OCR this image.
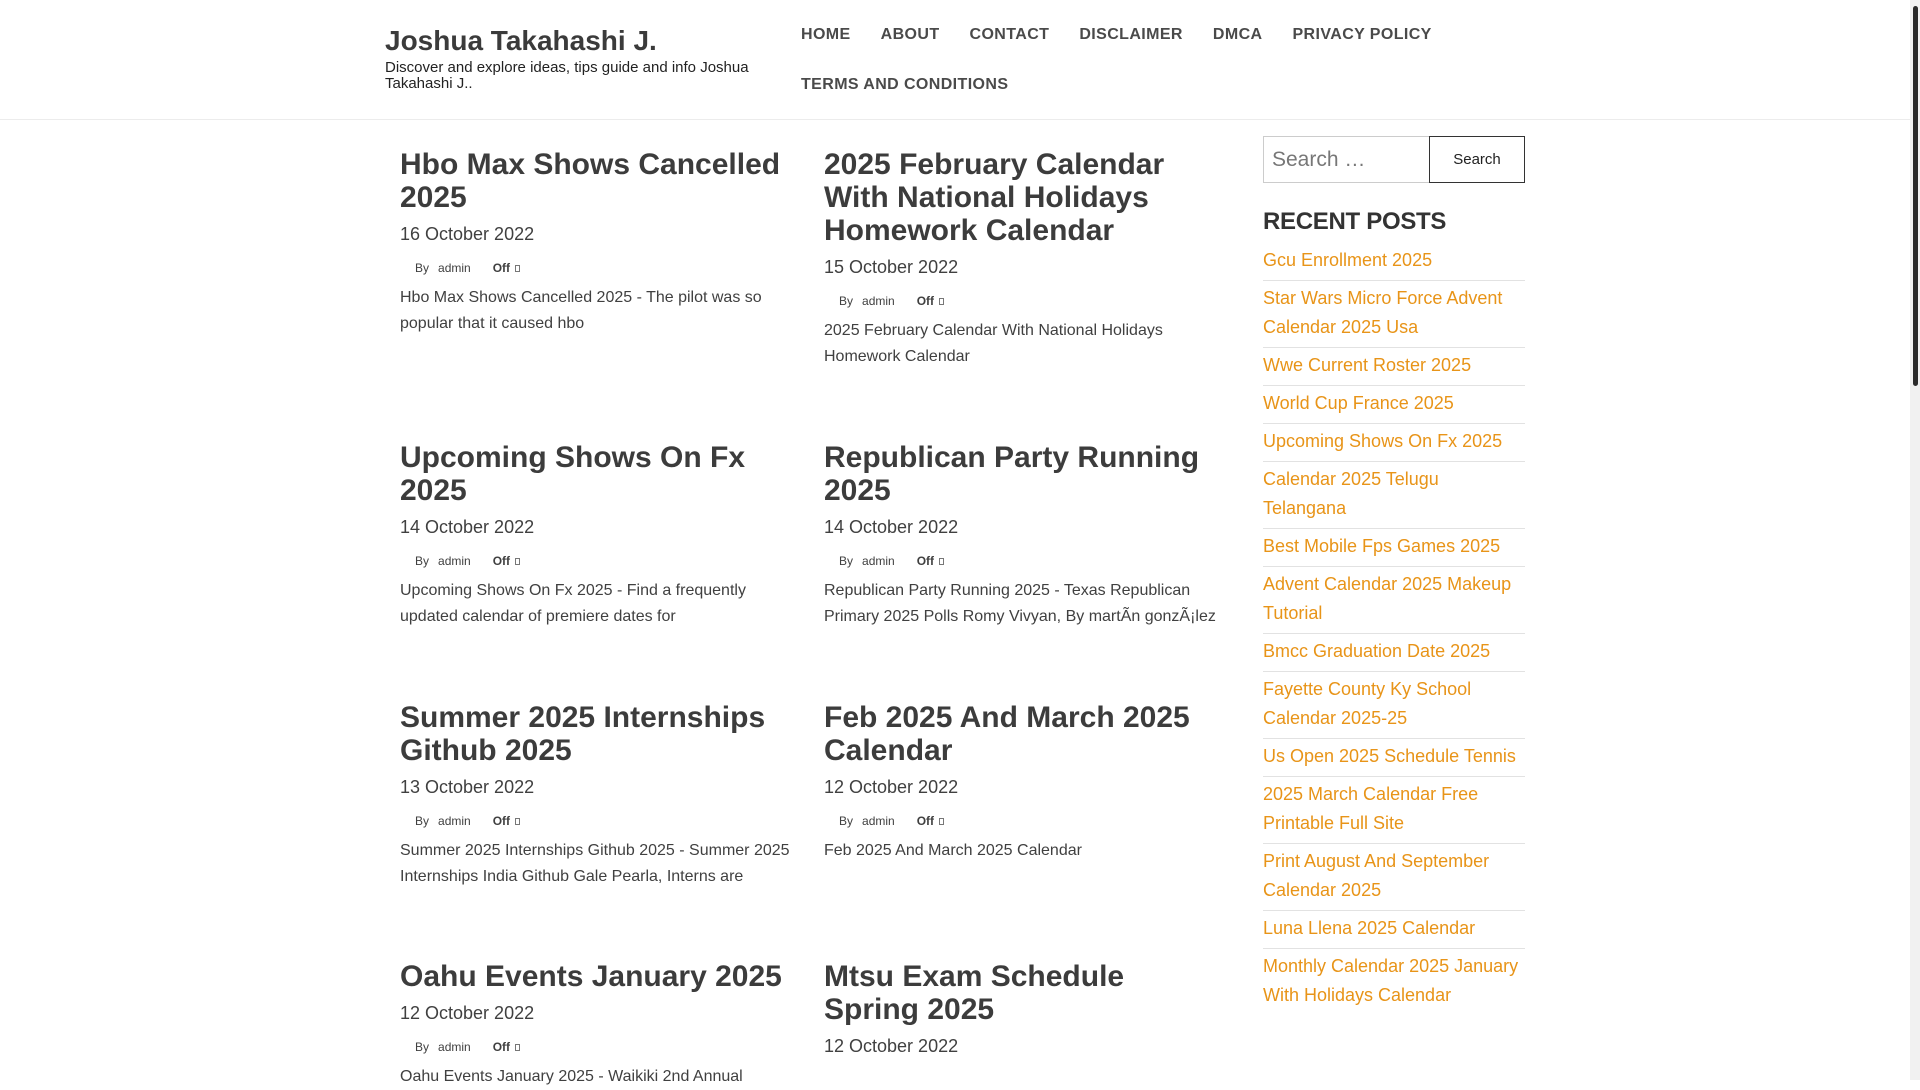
Joshua Takahashi J.
Discover and explore ideas, tips guide and info Joshua Takahashi J..
HOME	ABOUT	CONTACT	DISCLAIMER	DMCA	PRIVACY POLICY
TERMS AND CONDITIONS
Hbo Max Shows Cancelled 2025
16 October 2022
By admin Off
Hbo Max Shows Cancelled 2025 - The pilot was so popular that it caused hbo
2025 February Calendar With National Holidays Homework Calendar
15 October 2022
By admin Off
2025 February Calendar With National Holidays Homework Calendar
Upcoming Shows On Fx 2025
14 October 2022
By admin Off
Upcoming Shows On Fx 2025 - Find a frequently updated calendar of premiere dates for
Republican Party Running 2025
14 October 2022
By admin Off
Republican Party Running 2025 - Texas Republican Primary 2025 Polls Romy Vivyan, By martÃn gonzÃ¡lez
Summer 2025 Internships Github 2025
13 October 2022
By admin Off
Summer 2025 Internships Github 2025 - Summer 2025 Internships India Github Gale Pearla, Interns are
Feb 2025 And March 2025 Calendar
12 October 2022
By admin Off
Feb 2025 And March 2025 Calendar
Oahu Events January 2025
12 October 2022
By admin Off
Oahu Events January 2025 - Waikiki 2nd Annual
Mtsu Exam Schedule Spring 2025
12 October 2022
Search …
Search
RECENT POSTS
Gcu Enrollment 2025
Star Wars Micro Force Advent Calendar 2025 Usa
Wwe Current Roster 2025
World Cup France 2025
Upcoming Shows On Fx 2025
Calendar 2025 Telugu Telangana
Best Mobile Fps Games 2025
Advent Calendar 2025 Makeup Tutorial
Bmcc Graduation Date 2025
Fayette County Ky School Calendar 2025-25
Us Open 2025 Schedule Tennis
2025 March Calendar Free Printable Full Site
Print August And September Calendar 2025
Luna Llena 2025 Calendar
Monthly Calendar 2025 January With Holidays Calendar
